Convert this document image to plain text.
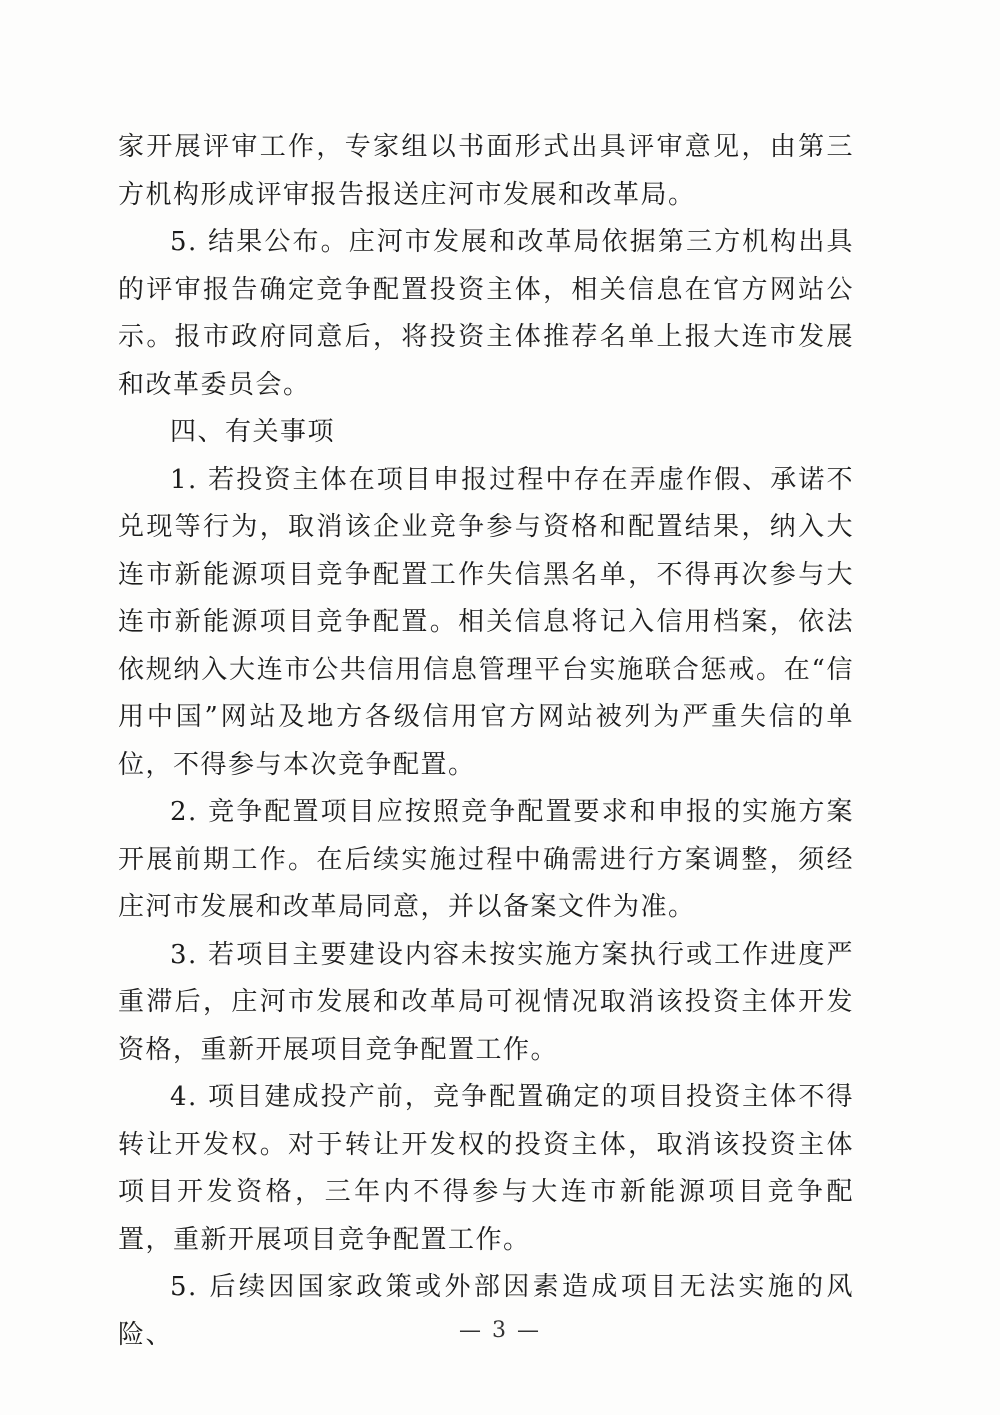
家开展评审工作，专家组以书面形式出具评审意见，由第三方机构形成评审报告报送庄河市发展和改革局。

5. 结果公布。庄河市发展和改革局依据第三方机构出具的评审报告确定竞争配置投资主体，相关信息在官方网站公示。报市政府同意后，将投资主体推荐名单上报大连市发展和改革委员会。

四、有关事项

1. 若投资主体在项目申报过程中存在弄虚作假、承诺不兑现等行为，取消该企业竞争参与资格和配置结果，纳入大连市新能源项目竞争配置工作失信黑名单，不得再次参与大连市新能源项目竞争配置。相关信息将记入信用档案，依法依规纳入大连市公共信用信息管理平台实施联合惩戒。在“信用中国”网站及地方各级信用官方网站被列为严重失信的单位，不得参与本次竞争配置。

2. 竞争配置项目应按照竞争配置要求和申报的实施方案开展前期工作。在后续实施过程中确需进行方案调整，须经庄河市发展和改革局同意，并以备案文件为准。

3. 若项目主要建设内容未按实施方案执行或工作进度严重滞后，庄河市发展和改革局可视情况取消该投资主体开发资格，重新开展项目竞争配置工作。

4. 项目建成投产前，竞争配置确定的项目投资主体不得转让开发权。对于转让开发权的投资主体，取消该投资主体项目开发资格，三年内不得参与大连市新能源项目竞争配置，重新开展项目竞争配置工作。

5. 后续因国家政策或外部因素造成项目无法实施的风险、	— 3 —
